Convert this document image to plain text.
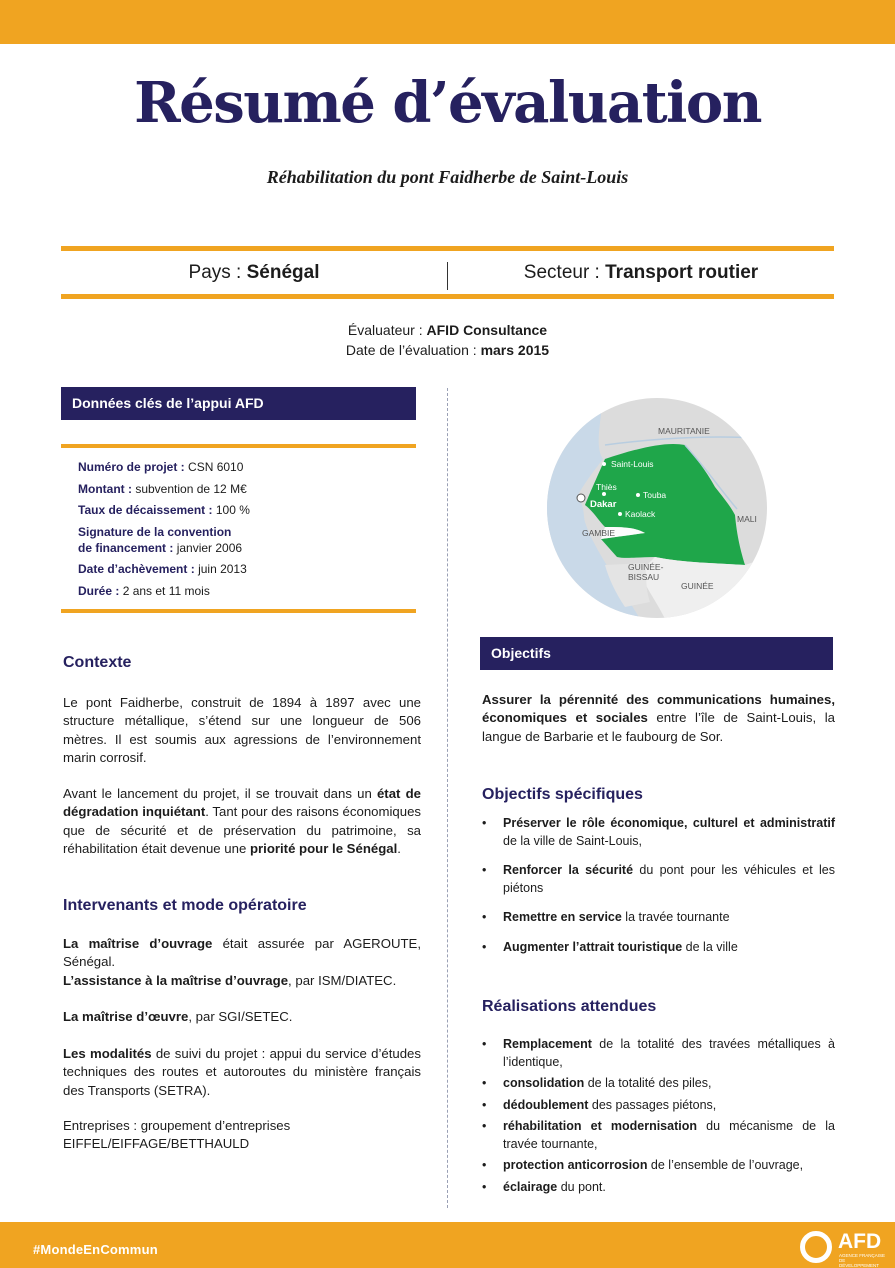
Résumé d’évaluation
Réhabilitation du pont Faidherbe de Saint-Louis
Pays : Sénégal	Secteur : Transport routier
Évaluateur : AFID Consultance
Date de l’évaluation : mars 2015
Données clés de l’appui AFD
Numéro de projet : CSN 6010
Montant : subvention de 12 M€
Taux de décaissement : 100 %
Signature de la convention
de financement : janvier 2006
Date d’achèvement : juin 2013
Durée : 2 ans et 11 mois
Contexte
Le pont Faidherbe, construit de 1894 à 1897 avec une structure métallique, s’étend sur une longueur de 506 mètres. Il est soumis aux agressions de l’environnement marin corrosif.
Avant le lancement du projet, il se trouvait dans un état de dégradation inquiétant. Tant pour des raisons économiques que de sécurité et de préservation du patrimoine, sa réhabilitation était devenue une priorité pour le Sénégal.
Intervenants et mode opératoire
La maîtrise d’ouvrage était assurée par AGEROUTE, Sénégal.
L’assistance à la maîtrise d’ouvrage, par ISM/DIATEC.
La maîtrise d’œuvre, par SGI/SETEC.
Les modalités de suivi du projet : appui du service d’études techniques des routes et autoroutes du ministère français des Transports (SETRA).
Entreprises : groupement d’entreprises
EIFFEL/EIFFAGE/BETTHAULD
MAURITANIE
MALI
GAMBIE
GUINÉE-
BISSAU
GUINÉE
Saint-Louis
Thiès
Dakar
Touba
Kaolack
Objectifs
Assurer la pérennité des communications humaines, économiques et sociales entre l’île de Saint-Louis, la langue de Barbarie et le faubourg de Sor.
Objectifs spécifiques
• Préserver le rôle économique, culturel et administratif de la ville de Saint-Louis,
• Renforcer la sécurité du pont pour les véhicules et les piétons
• Remettre en service la travée tournante
• Augmenter l’attrait touristique de la ville
Réalisations attendues
• Remplacement de la totalité des travées métalliques à l’identique,
• consolidation de la totalité des piles,
• dédoublement des passages piétons,
• réhabilitation et modernisation du mécanisme de la travée tournante,
• protection anticorrosion de l’ensemble de l’ouvrage,
• éclairage du pont.
#MondeEnCommun	AFD
AGENCE FRANÇAISE DE DÉVELOPPEMENT
